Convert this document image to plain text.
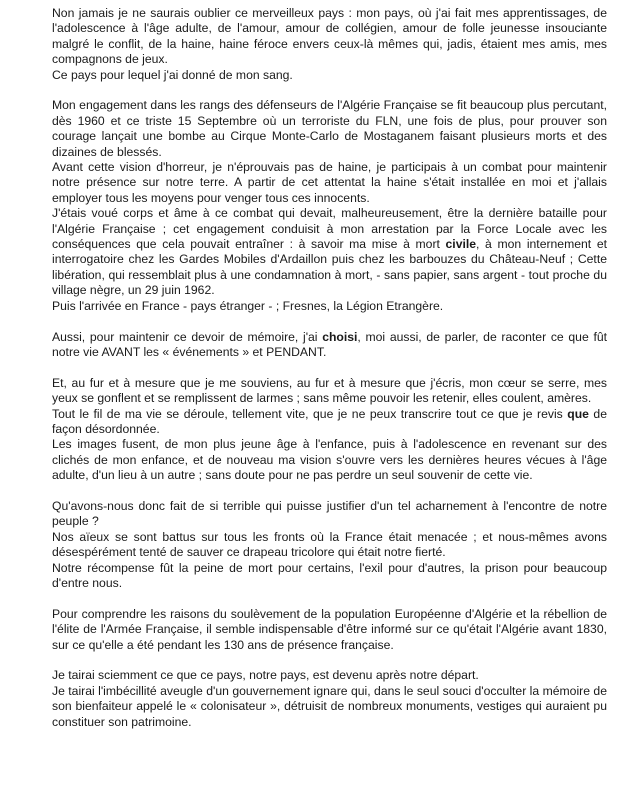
Non jamais je ne saurais oublier ce merveilleux pays : mon pays, où j'ai fait mes apprentissages, de l'adolescence à l'âge adulte, de l'amour, amour de collégien, amour de folle jeunesse insouciante malgré le conflit, de la haine, haine féroce envers ceux-là mêmes qui, jadis, étaient mes amis, mes compagnons de jeux.

Ce pays pour lequel j'ai donné de mon sang.

Mon engagement dans les rangs des défenseurs de l'Algérie Française se fit beaucoup plus percutant, dès 1960 et ce triste 15 Septembre où un terroriste du FLN, une fois de plus, pour prouver son courage lançait une bombe au Cirque Monte-Carlo de Mostaganem faisant plusieurs morts et des dizaines de blessés.

Avant cette vision d'horreur, je n'éprouvais pas de haine, je participais à un combat pour maintenir notre présence sur notre terre. A partir de cet attentat la haine s'était installée en moi et j'allais employer tous les moyens pour venger tous ces innocents.

J'étais voué corps et âme à ce combat qui devait, malheureusement, être la dernière bataille pour l'Algérie Française ; cet engagement conduisit à mon arrestation par la Force Locale avec les conséquences que cela pouvait entraîner : à savoir ma mise à mort civile, à mon internement et interrogatoire chez les Gardes Mobiles d'Ardaillon puis chez les barbouzes du Château-Neuf ; Cette libération, qui ressemblait plus à une condamnation à mort, - sans papier, sans argent - tout proche du village nègre, un 29 juin 1962.

Puis l'arrivée en France - pays étranger - ; Fresnes, la Légion Etrangère.

Aussi, pour maintenir ce devoir de mémoire, j'ai choisi, moi aussi, de parler, de raconter ce que fût notre vie AVANT les « événements » et PENDANT.

Et, au fur et à mesure que je me souviens, au fur et à mesure que j'écris, mon cœur se serre, mes yeux se gonflent et se remplissent de larmes ; sans même pouvoir les retenir, elles coulent, amères.

Tout le fil de ma vie se déroule, tellement vite, que je ne peux transcrire tout ce que je revis que de façon désordonnée.

Les images fusent, de mon plus jeune âge à l'enfance, puis à l'adolescence en revenant sur des clichés de mon enfance, et de nouveau ma vision s'ouvre vers les dernières heures vécues à l'âge adulte, d'un lieu à un autre ; sans doute pour ne pas perdre un seul souvenir de cette vie.

Qu'avons-nous donc fait de si terrible qui puisse justifier d'un tel acharnement à l'encontre de notre peuple ?

Nos aïeux se sont battus sur tous les fronts où la France était menacée ; et nous-mêmes avons désespérément tenté de sauver ce drapeau tricolore qui était notre fierté.

Notre récompense fût la peine de mort pour certains, l'exil pour d'autres, la prison pour beaucoup d'entre nous.

Pour comprendre les raisons du soulèvement de la population Européenne d'Algérie et la rébellion de l'élite de l'Armée Française, il semble indispensable d'être informé sur ce qu'était l'Algérie avant 1830, sur ce qu'elle a été pendant les 130 ans de présence française.

Je tairai sciemment ce que ce pays, notre pays, est devenu après notre départ.

Je tairai l'imbécillité aveugle d'un gouvernement ignare qui, dans le seul souci d'occulter la mémoire de son bienfaiteur appelé le « colonisateur », détruisit de nombreux monuments, vestiges qui auraient pu constituer son patrimoine.
